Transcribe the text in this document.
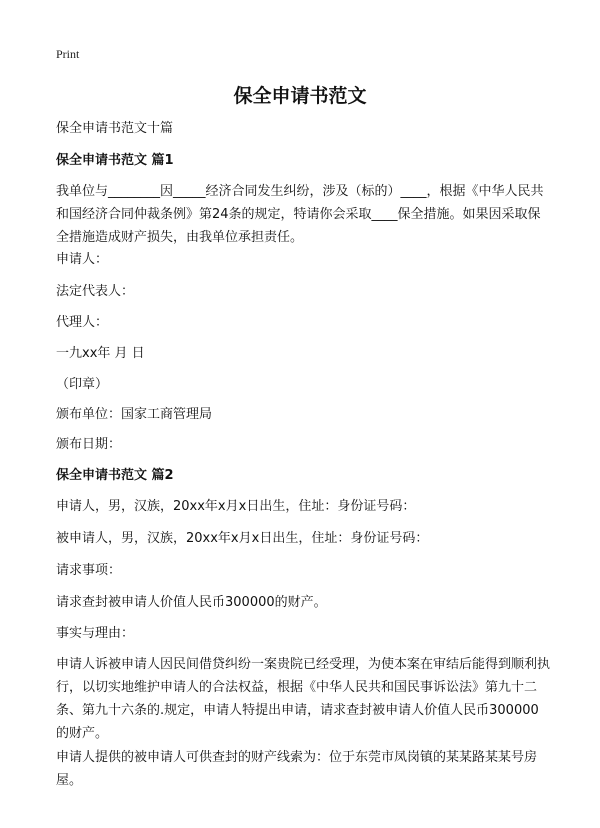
Print
保全申请书范文
保全申请书范文十篇
保全申请书范文 篇1
我单位与________因_____经济合同发生纠纷，涉及（标的）____，根据《中华人民共和国经济合同仲裁条例》第24条的规定，特请你会采取____保全措施。如果因采取保全措施造成财产损失，由我单位承担责任。
申请人：
法定代表人：
代理人：
一九xx年 月 日
（印章）
颁布单位：国家工商管理局
颁布日期：
保全申请书范文 篇2
申请人，男，汉族，20xx年x月x日出生，住址：身份证号码：
被申请人，男，汉族，20xx年x月x日出生，住址：身份证号码：
请求事项：
请求查封被申请人价值人民币300000的财产。
事实与理由：
申请人诉被申请人因民间借贷纠纷一案贵院已经受理，为使本案在审结后能得到顺利执行，以切实地维护申请人的合法权益，根据《中华人民共和国民事诉讼法》第九十二条、第九十六条的.规定，申请人特提出申请，请求查封被申请人价值人民币300000的财产。
申请人提供的被申请人可供查封的财产线索为：位于东莞市凤岗镇的某某路某某号房屋。
